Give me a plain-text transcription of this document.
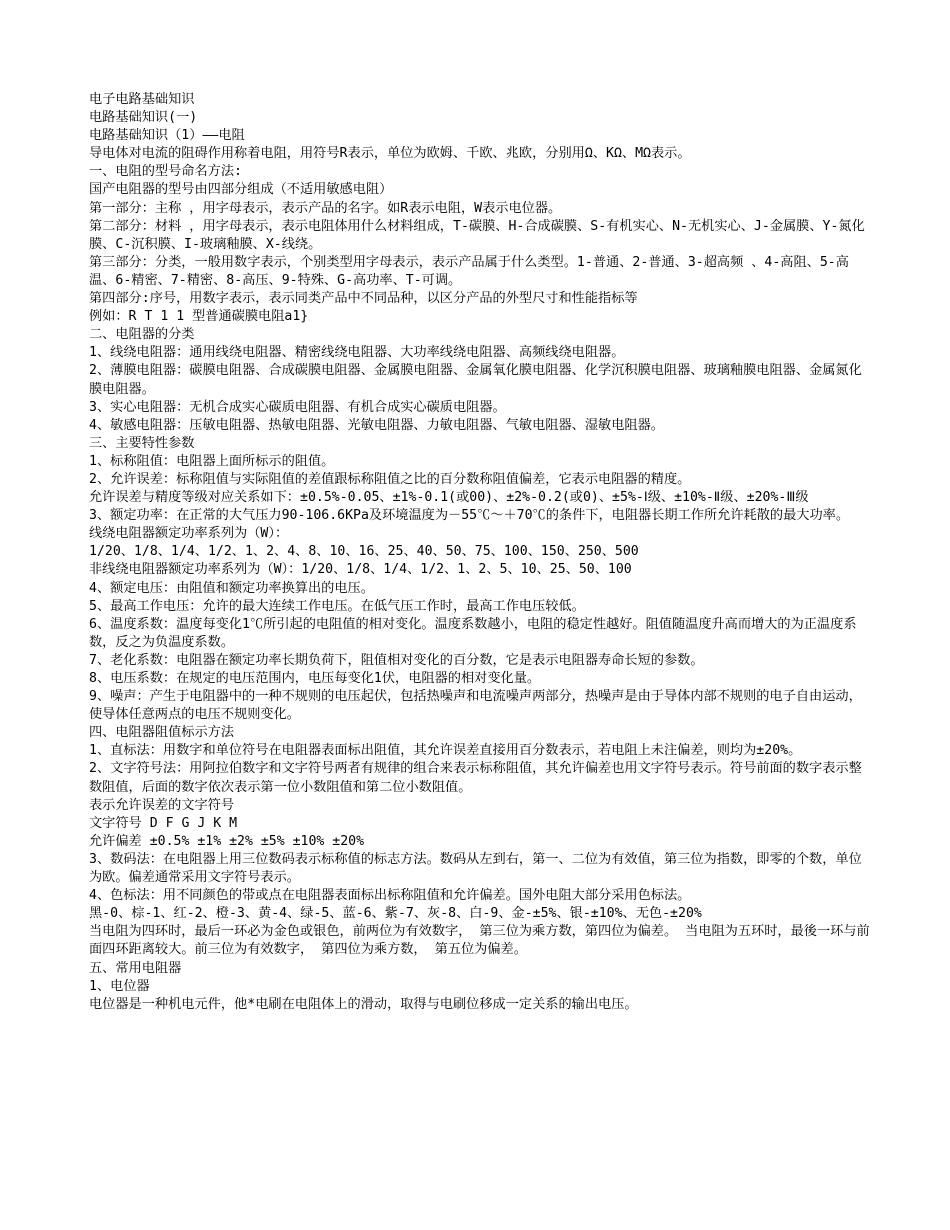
电子电路基础知识
电路基础知识(一)
电路基础知识（1）——电阻
导电体对电流的阻碍作用称着电阻，用符号R表示，单位为欧姆、千欧、兆欧，分别用Ω、KΩ、MΩ表示。
一、电阻的型号命名方法:
国产电阻器的型号由四部分组成（不适用敏感电阻）
第一部分：主称 ，用字母表示，表示产品的名字。如R表示电阻，W表示电位器。
第二部分：材料 ，用字母表示，表示电阻体用什么材料组成，T-碳膜、H-合成碳膜、S-有机实心、N-无机实心、J-金属膜、Y-氮化膜、C-沉积膜、I-玻璃釉膜、X-线绕。
第三部分：分类，一般用数字表示，个别类型用字母表示，表示产品属于什么类型。1-普通、2-普通、3-超高频 、4-高阻、5-高温、6-精密、7-精密、8-高压、9-特殊、G-高功率、T-可调。
第四部分:序号，用数字表示，表示同类产品中不同品种，以区分产品的外型尺寸和性能指标等
例如：R T 1 1 型普通碳膜电阻a1}
二、电阻器的分类
1、线绕电阻器：通用线绕电阻器、精密线绕电阻器、大功率线绕电阻器、高频线绕电阻器。
2、薄膜电阻器：碳膜电阻器、合成碳膜电阻器、金属膜电阻器、金属氧化膜电阻器、化学沉积膜电阻器、玻璃釉膜电阻器、金属氮化膜电阻器。
3、实心电阻器：无机合成实心碳质电阻器、有机合成实心碳质电阻器。
4、敏感电阻器：压敏电阻器、热敏电阻器、光敏电阻器、力敏电阻器、气敏电阻器、湿敏电阻器。
三、主要特性参数
1、标称阻值：电阻器上面所标示的阻值。
2、允许误差：标称阻值与实际阻值的差值跟标称阻值之比的百分数称阻值偏差，它表示电阻器的精度。
允许误差与精度等级对应关系如下：±0.5%-0.05、±1%-0.1(或00)、±2%-0.2(或0)、±5%-Ⅰ级、±10%-Ⅱ级、±20%-Ⅲ级
3、额定功率：在正常的大气压力90-106.6KPa及环境温度为－55℃～＋70℃的条件下，电阻器长期工作所允许耗散的最大功率。
线绕电阻器额定功率系列为（W）：
1/20、1/8、1/4、1/2、1、2、4、8、10、16、25、40、50、75、100、150、250、500
非线绕电阻器额定功率系列为（W）：1/20、1/8、1/4、1/2、1、2、5、10、25、50、100
4、额定电压：由阻值和额定功率换算出的电压。
5、最高工作电压：允许的最大连续工作电压。在低气压工作时，最高工作电压较低。
6、温度系数：温度每变化1℃所引起的电阻值的相对变化。温度系数越小，电阻的稳定性越好。阻值随温度升高而增大的为正温度系数，反之为负温度系数。
7、老化系数：电阻器在额定功率长期负荷下，阻值相对变化的百分数，它是表示电阻器寿命长短的参数。
8、电压系数：在规定的电压范围内，电压每变化1伏，电阻器的相对变化量。
9、噪声：产生于电阻器中的一种不规则的电压起伏，包括热噪声和电流噪声两部分，热噪声是由于导体内部不规则的电子自由运动，使导体任意两点的电压不规则变化。
四、电阻器阻值标示方法
1、直标法：用数字和单位符号在电阻器表面标出阻值，其允许误差直接用百分数表示，若电阻上未注偏差，则均为±20%。
2、文字符号法：用阿拉伯数字和文字符号两者有规律的组合来表示标称阻值，其允许偏差也用文字符号表示。符号前面的数字表示整数阻值，后面的数字依次表示第一位小数阻值和第二位小数阻值。
表示允许误差的文字符号
文字符号 D F G J K M
允许偏差 ±0.5% ±1% ±2% ±5% ±10% ±20%
3、数码法：在电阻器上用三位数码表示标称值的标志方法。数码从左到右，第一、二位为有效值，第三位为指数，即零的个数，单位为欧。偏差通常采用文字符号表示。
4、色标法：用不同颜色的带或点在电阻器表面标出标称阻值和允许偏差。国外电阻大部分采用色标法。
黑-0、棕-1、红-2、橙-3、黄-4、绿-5、蓝-6、紫-7、灰-8、白-9、金-±5%、银-±10%、无色-±20%
当电阻为四环时，最后一环必为金色或银色，前两位为有效数字， 第三位为乘方数，第四位为偏差。 当电阻为五环时，最後一环与前面四环距离较大。前三位为有效数字， 第四位为乘方数， 第五位为偏差。
五、常用电阻器
1、电位器
电位器是一种机电元件，他*电刷在电阻体上的滑动，取得与电刷位移成一定关系的输出电压。
